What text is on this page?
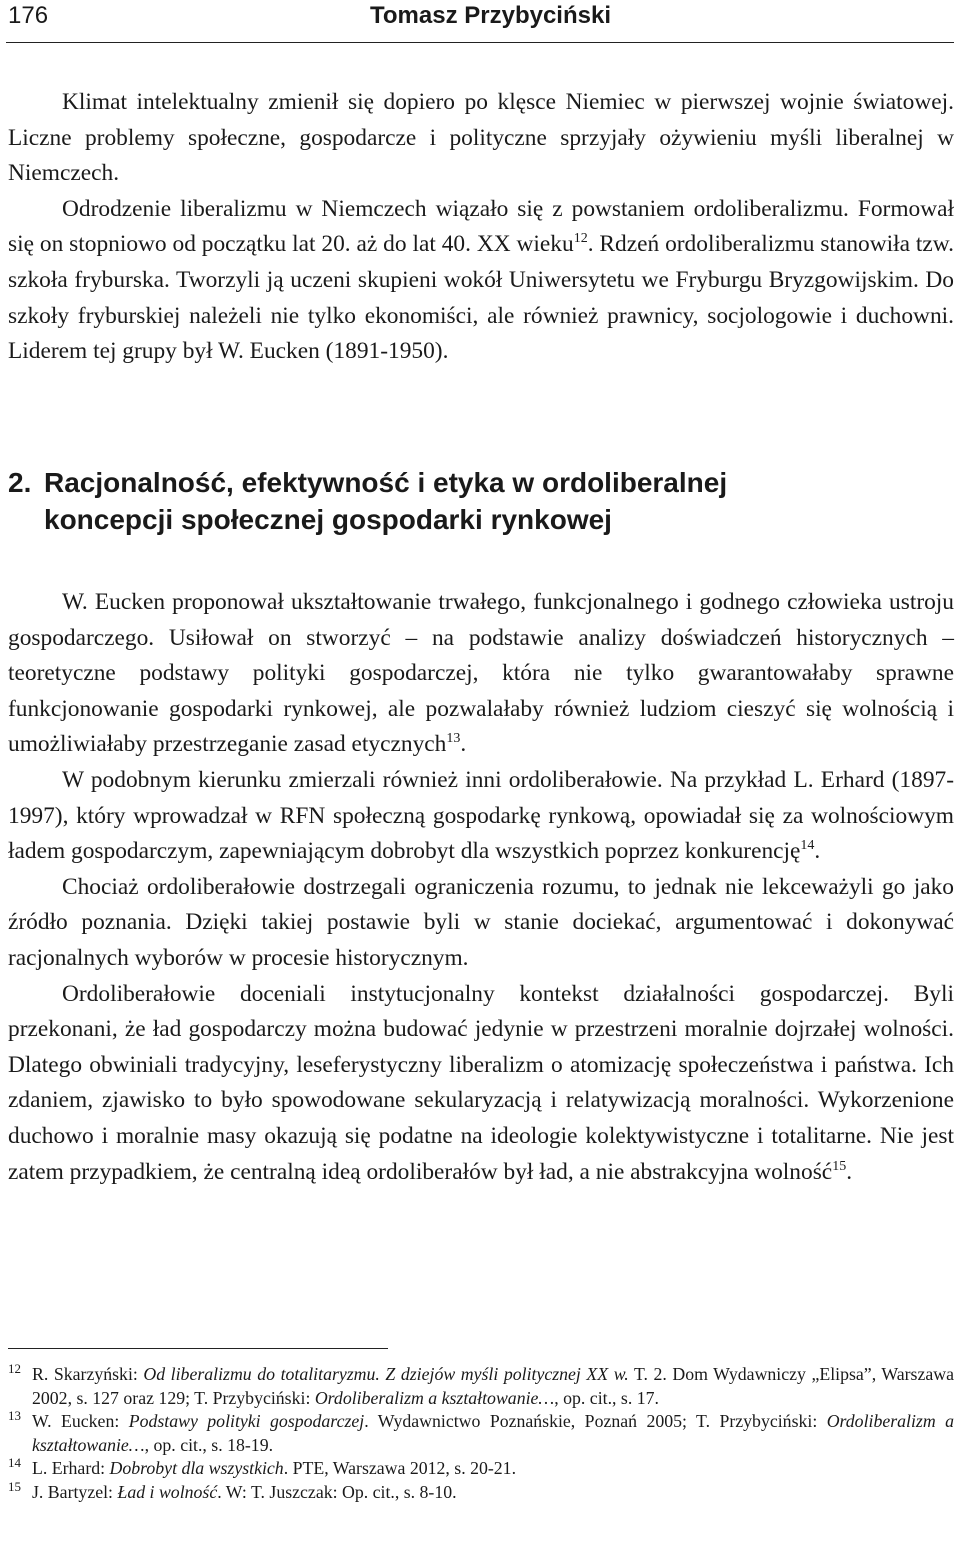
176	Tomasz Przybyciński

Klimat intelektualny zmienił się dopiero po klęsce Niemiec w pierwszej wojnie światowej. Liczne problemy społeczne, gospodarcze i polityczne sprzyjały ożywieniu myśli liberalnej w Niemczech.

Odrodzenie liberalizmu w Niemczech wiązało się z powstaniem ordoliberalizmu. Formował się on stopniowo od początku lat 20. aż do lat 40. XX wieku$^{12}$. Rdzeń ordoliberalizmu stanowiła tzw. szkoła fryburska. Tworzyli ją uczeni skupieni wokół Uniwersytetu we Fryburgu Bryzgowijskim. Do szkoły fryburskiej należeli nie tylko ekonomiści, ale również prawnicy, socjologowie i duchowni. Liderem tej grupy był W. Eucken (1891-1950).

2. Racjonalność, efektywność i etyka w ordoliberalnej
koncepcji społecznej gospodarki rynkowej

W. Eucken proponował ukształtowanie trwałego, funkcjonalnego i godnego człowieka ustroju gospodarczego. Usiłował on stworzyć – na podstawie analizy doświadczeń historycznych – teoretyczne podstawy polityki gospodarczej, która nie tylko gwarantowałaby sprawne funkcjonowanie gospodarki rynkowej, ale pozwalałaby również ludziom cieszyć się wolnością i umożliwiałaby przestrzeganie zasad etycznych$^{13}$.

W podobnym kierunku zmierzali również inni ordoliberałowie. Na przykład L. Erhard (1897-1997), który wprowadzał w RFN społeczną gospodarkę rynkową, opowiadał się za wolnościowym ładem gospodarczym, zapewniającym dobrobyt dla wszystkich poprzez konkurencję$^{14}$.

Chociaż ordoliberałowie dostrzegali ograniczenia rozumu, to jednak nie lekceważyli go jako źródło poznania. Dzięki takiej postawie byli w stanie dociekać, argumentować i dokonywać racjonalnych wyborów w procesie historycznym.

Ordoliberałowie doceniali instytucjonalny kontekst działalności gospodarczej. Byli przekonani, że ład gospodarczy można budować jedynie w przestrzeni moralnie dojrzałej wolności. Dlatego obwiniali tradycyjny, leseferystyczny liberalizm o atomizację społeczeństwa i państwa. Ich zdaniem, zjawisko to było spowodowane sekularyzacją i relatywizacją moralności. Wykorzenione duchowo i moralnie masy okazują się podatne na ideologie kolektywistyczne i totalitarne. Nie jest zatem przypadkiem, że centralną ideą ordoliberałów był ład, a nie abstrakcyjna wolność$^{15}$.

12 R. Skarzyński: Od liberalizmu do totalitaryzmu. Z dziejów myśli politycznej XX w. T. 2. Dom Wydawniczy „Elipsa”, Warszawa 2002, s. 127 oraz 129; T. Przybyciński: Ordoliberalizm a kształtowanie…, op. cit., s. 17.
13 W. Eucken: Podstawy polityki gospodarczej. Wydawnictwo Poznańskie, Poznań 2005; T. Przybyciński: Ordoliberalizm a kształtowanie…, op. cit., s. 18-19.
14 L. Erhard: Dobrobyt dla wszystkich. PTE, Warszawa 2012, s. 20-21.
15 J. Bartyzel: Ład i wolność. W: T. Juszczak: Op. cit., s. 8-10.
